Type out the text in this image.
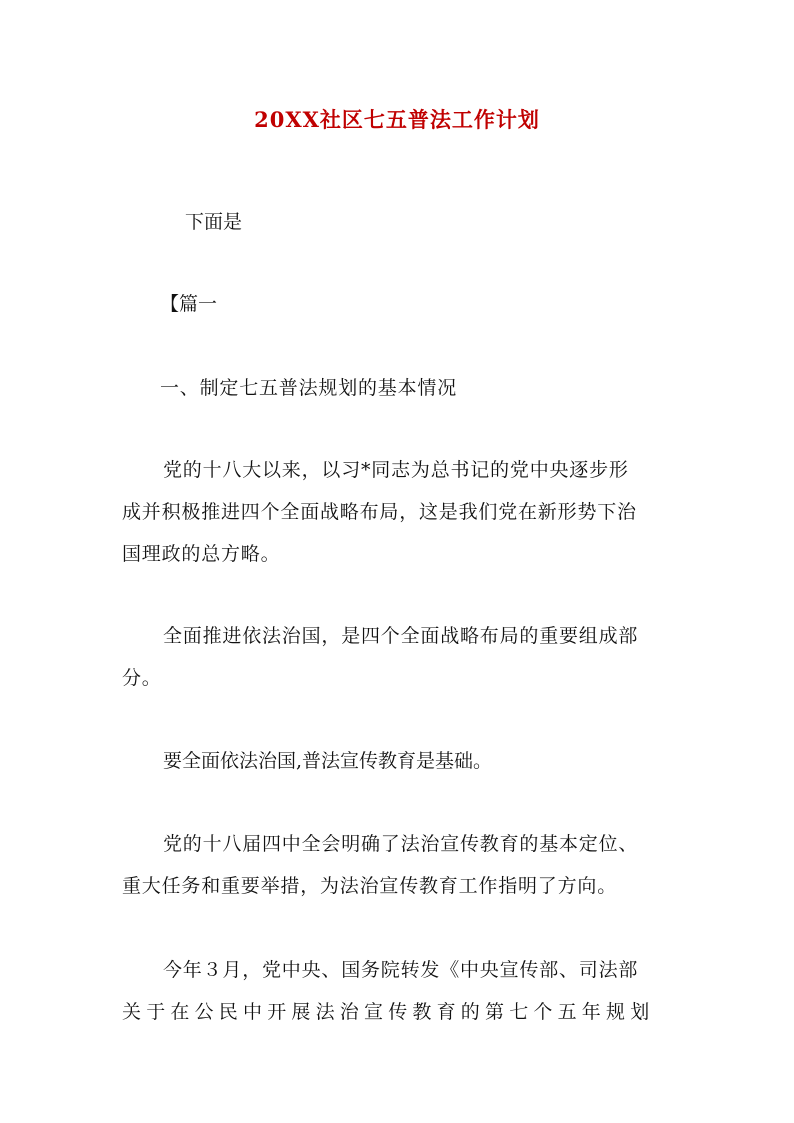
20XX社区七五普法工作计划
下面是
【篇一
一、制定七五普法规划的基本情况
党的十八大以来，以习*同志为总书记的党中央逐步形
成并积极推进四个全面战略布局，这是我们党在新形势下治
国理政的总方略。
全面推进依法治国，是四个全面战略布局的重要组成部
分。
要全面依法治国,普法宣传教育是基础。
党的十八届四中全会明确了法治宣传教育的基本定位、
重大任务和重要举措，为法治宣传教育工作指明了方向。
今年３月，党中央、国务院转发《中央宣传部、司法部
关于在公民中开展法治宣传教育的第七个五年规划
